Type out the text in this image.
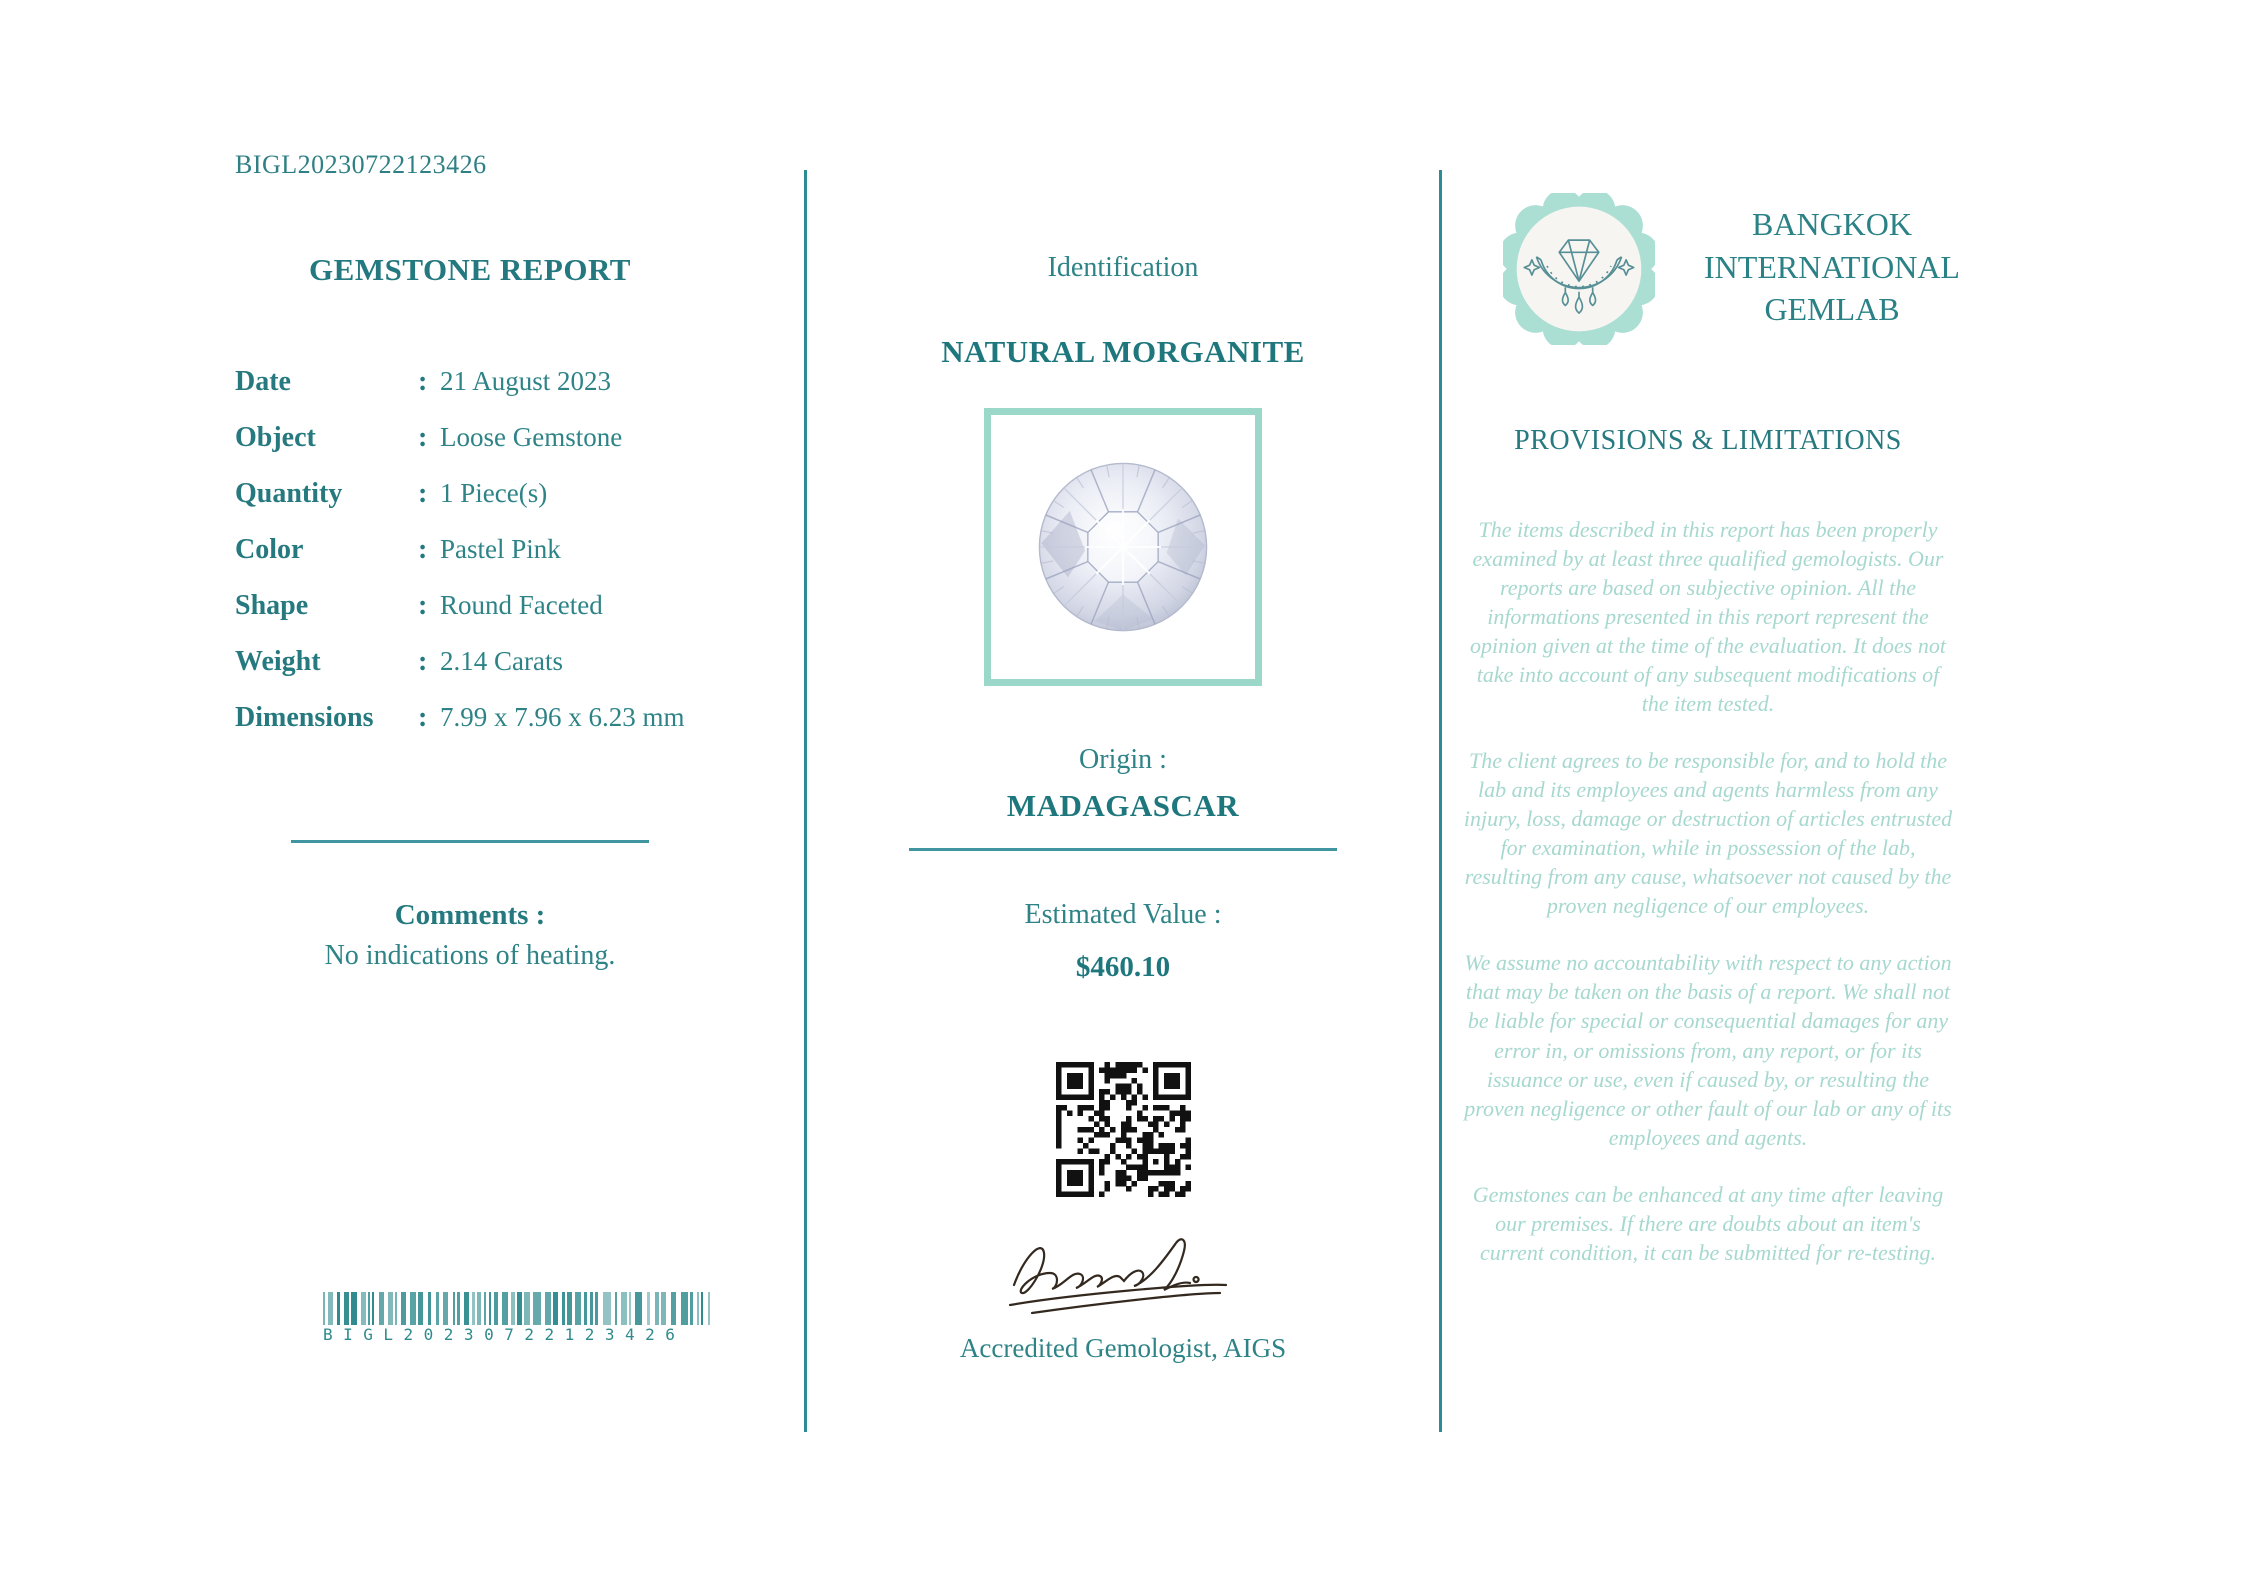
BIGL20230722123426
GEMSTONE REPORT
Date	: 21 August 2023
Object	: Loose Gemstone
Quantity	: 1 Piece(s)
Color	: Pastel Pink
Shape	: Round Faceted
Weight	: 2.14 Carats
Dimensions	: 7.99 x 7.96 x 6.23 mm
Comments :
No indications of heating.
BIGL20230722123426
Identification
NATURAL MORGANITE
Origin :
MADAGASCAR
Estimated Value :
$460.10
Accredited Gemologist, AIGS
BANGKOK
INTERNATIONAL
GEMLAB
PROVISIONS & LIMITATIONS

The items described in this report has been properly examined by at least three qualified gemologists. Our reports are based on subjective opinion. All the informations presented in this report represent the opinion given at the time of the evaluation. It does not take into account of any subsequent modifications of the item tested.

The client agrees to be responsible for, and to hold the lab and its employees and agents harmless from any injury, loss, damage or destruction of articles entrusted for examination, while in possession of the lab, resulting from any cause, whatsoever not caused by the proven negligence of our employees.

We assume no accountability with respect to any action that may be taken on the basis of a report. We shall not be liable for special or consequential damages for any error in, or omissions from, any report, or for its issuance or use, even if caused by, or resulting the proven negligence or other fault of our lab or any of its employees and agents.

Gemstones can be enhanced at any time after leaving our premises. If there are doubts about an item's current condition, it can be submitted for re-testing.
